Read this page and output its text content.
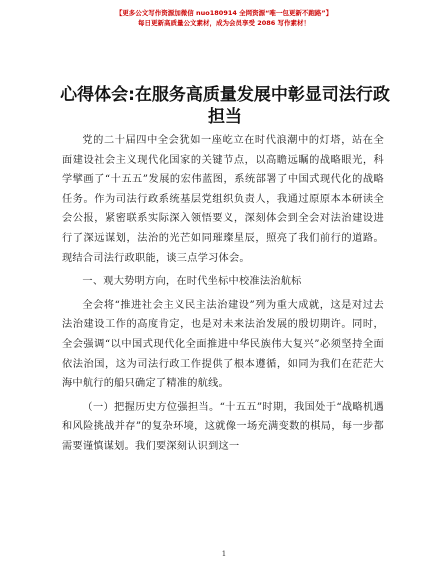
【更多公文写作资源加微信 nuo180914 全网资源“唯一包更新不跑路”】
每日更新高质量公文素材，成为会员享受 2086 写作素材！
心得体会:在服务高质量发展中彰显司法行政担当

党的二十届四中全会犹如一座屹立在时代浪潮中的灯塔，站在全面建设社会主义现代化国家的关键节点，以高瞻远瞩的战略眼光，科学擘画了“十五五”发展的宏伟蓝图，系统部署了中国式现代化的战略任务。作为司法行政系统基层党组织负责人，我通过原原本本研读全会公报，紧密联系实际深入领悟要义，深刻体会到全会对法治建设进行了深远谋划，法治的光芒如同璀璨星辰，照亮了我们前行的道路。现结合司法行政职能，谈三点学习体会。

一、观大势明方向，在时代坐标中校准法治航标

全会将“推进社会主义民主法治建设”列为重大成就，这是对过去法治建设工作的高度肯定，也是对未来法治发展的殷切期许。同时，全会强调“以中国式现代化全面推进中华民族伟大复兴”必须坚持全面依法治国，这为司法行政工作提供了根本遵循，如同为我们在茫茫大海中航行的船只确定了精准的航线。

（一）把握历史方位强担当。“十五五”时期，我国处于“战略机遇和风险挑战并存”的复杂环境，这就像一场充满变数的棋局，每一步都需要谨慎谋划。我们要深刻认识到这一

1
